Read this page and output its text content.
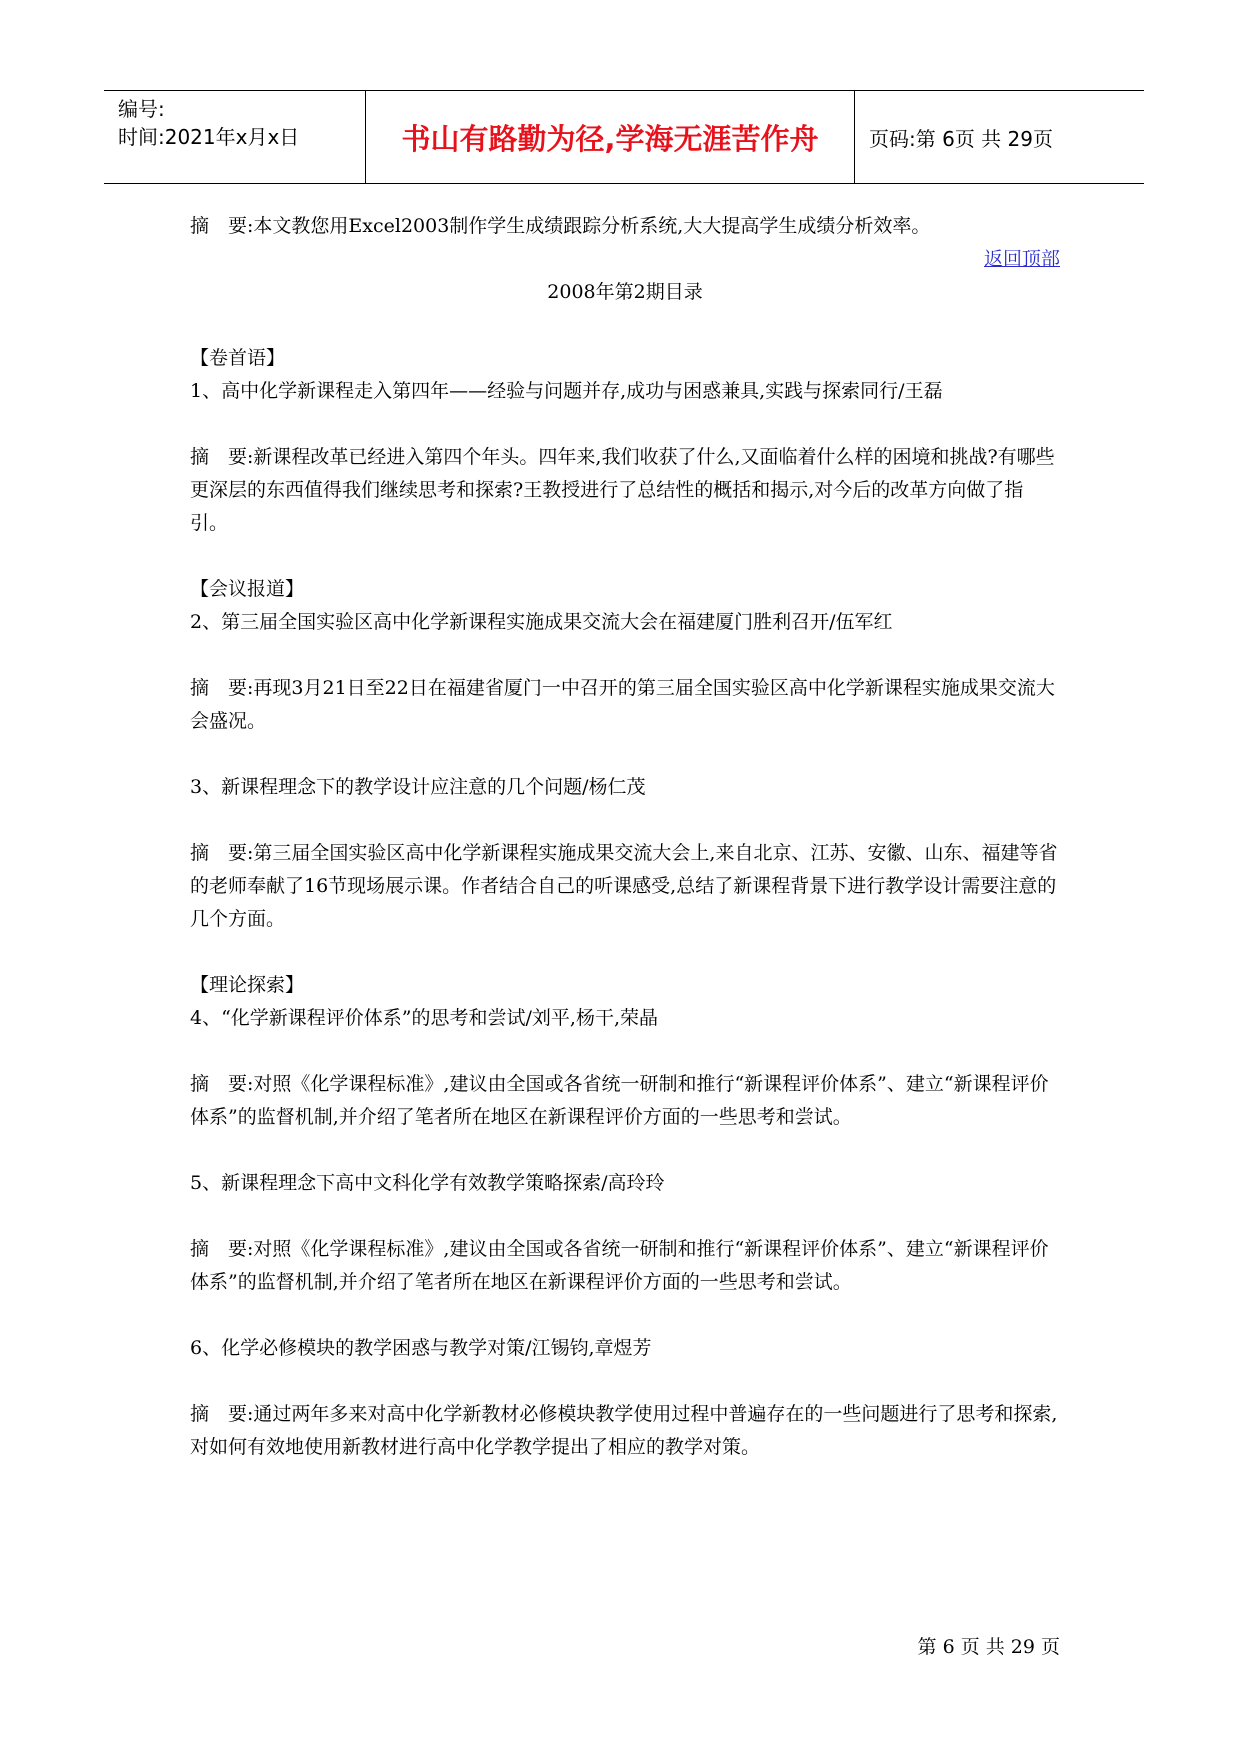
编号:
时间:2021年x月x日	书山有路勤为径,学海无涯苦作舟	页码:第 6页 共 29页

摘　要:本文教您用Excel2003制作学生成绩跟踪分析系统,大大提高学生成绩分析效率。

返回顶部

2008年第2期目录

【卷首语】

1、高中化学新课程走入第四年——经验与问题并存,成功与困惑兼具,实践与探索同行/王磊

摘　要:新课程改革已经进入第四个年头。四年来,我们收获了什么,又面临着什么样的困境和挑战?有哪些更深层的东西值得我们继续思考和探索?王教授进行了总结性的概括和揭示,对今后的改革方向做了指引。

【会议报道】

2、第三届全国实验区高中化学新课程实施成果交流大会在福建厦门胜利召开/伍军红

摘　要:再现3月21日至22日在福建省厦门一中召开的第三届全国实验区高中化学新课程实施成果交流大会盛况。

3、新课程理念下的教学设计应注意的几个问题/杨仁茂

摘　要:第三届全国实验区高中化学新课程实施成果交流大会上,来自北京、江苏、安徽、山东、福建等省的老师奉献了16节现场展示课。作者结合自己的听课感受,总结了新课程背景下进行教学设计需要注意的几个方面。

【理论探索】

4、“化学新课程评价体系”的思考和尝试/刘平,杨干,荣晶

摘　要:对照《化学课程标准》,建议由全国或各省统一研制和推行“新课程评价体系”、建立“新课程评价体系”的监督机制,并介绍了笔者所在地区在新课程评价方面的一些思考和尝试。

5、新课程理念下高中文科化学有效教学策略探索/高玲玲

摘　要:对照《化学课程标准》,建议由全国或各省统一研制和推行“新课程评价体系”、建立“新课程评价体系”的监督机制,并介绍了笔者所在地区在新课程评价方面的一些思考和尝试。

6、化学必修模块的教学困惑与教学对策/江锡钧,章煜芳

摘　要:通过两年多来对高中化学新教材必修模块教学使用过程中普遍存在的一些问题进行了思考和探索,对如何有效地使用新教材进行高中化学教学提出了相应的教学对策。

第 6 页 共 29 页
